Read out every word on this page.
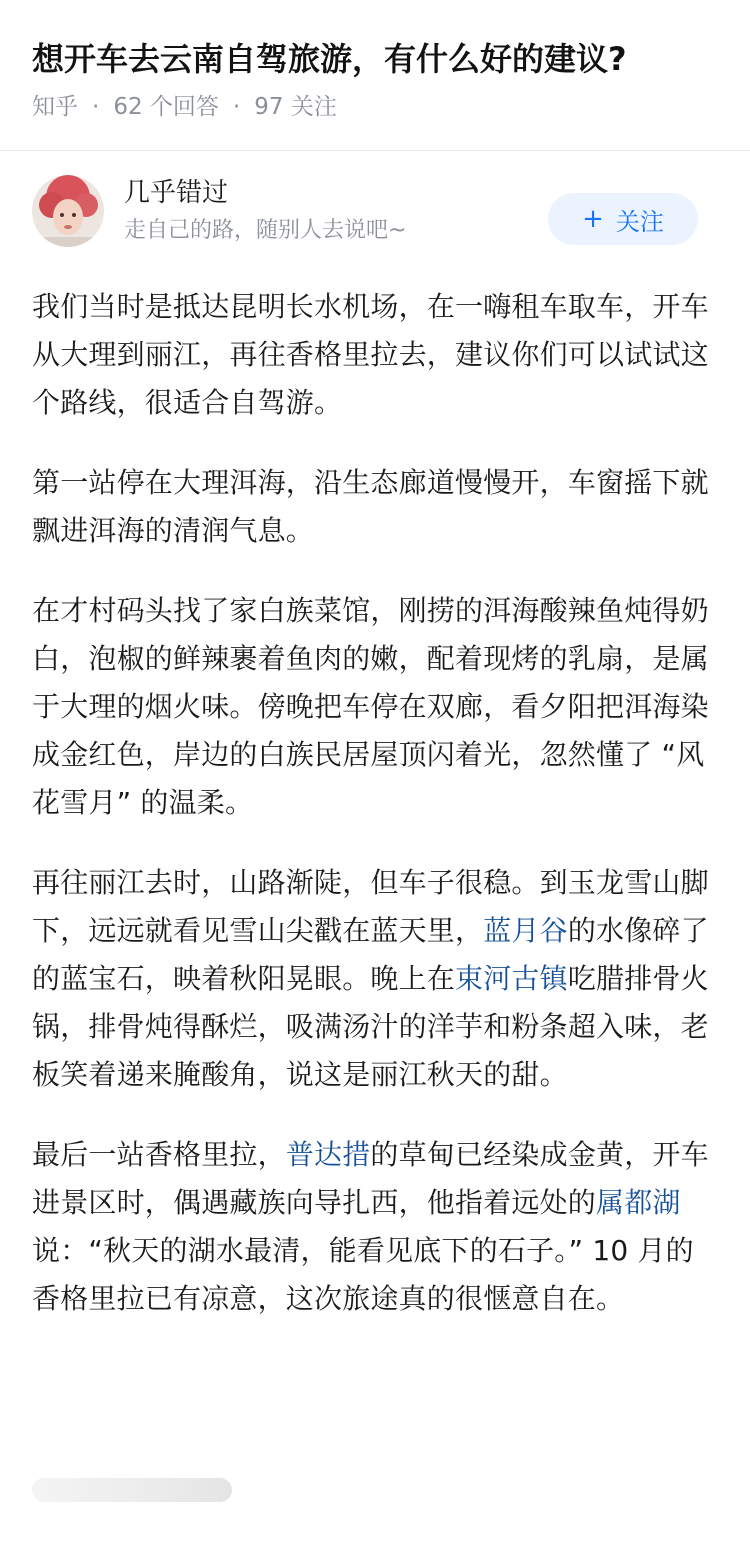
想开车去云南自驾旅游，有什么好的建议?
知乎 · 62 个回答 · 97 关注
几乎错过
走自己的路，随别人去说吧~	+ 关注

我们当时是抵达昆明长水机场，在一嗨租车取车，开车从大理到丽江，再往香格里拉去，建议你们可以试试这个路线，很适合自驾游。

第一站停在大理洱海，沿生态廊道慢慢开，车窗摇下就飘进洱海的清润气息。

在才村码头找了家白族菜馆，刚捞的洱海酸辣鱼炖得奶白，泡椒的鲜辣裹着鱼肉的嫩，配着现烤的乳扇，是属于大理的烟火味。傍晚把车停在双廊，看夕阳把洱海染成金红色，岸边的白族民居屋顶闪着光，忽然懂了 “风花雪月” 的温柔。

再往丽江去时，山路渐陡，但车子很稳。到玉龙雪山脚下，远远就看见雪山尖戳在蓝天里，蓝月谷的水像碎了的蓝宝石，映着秋阳晃眼。晚上在束河古镇吃腊排骨火锅，排骨炖得酥烂，吸满汤汁的洋芋和粉条超入味，老板笑着递来腌酸角，说这是丽江秋天的甜。

最后一站香格里拉，普达措的草甸已经染成金黄，开车进景区时，偶遇藏族向导扎西，他指着远处的属都湖说：“秋天的湖水最清，能看见底下的石子。” 10 月的香格里拉已有凉意，这次旅途真的很惬意自在。
